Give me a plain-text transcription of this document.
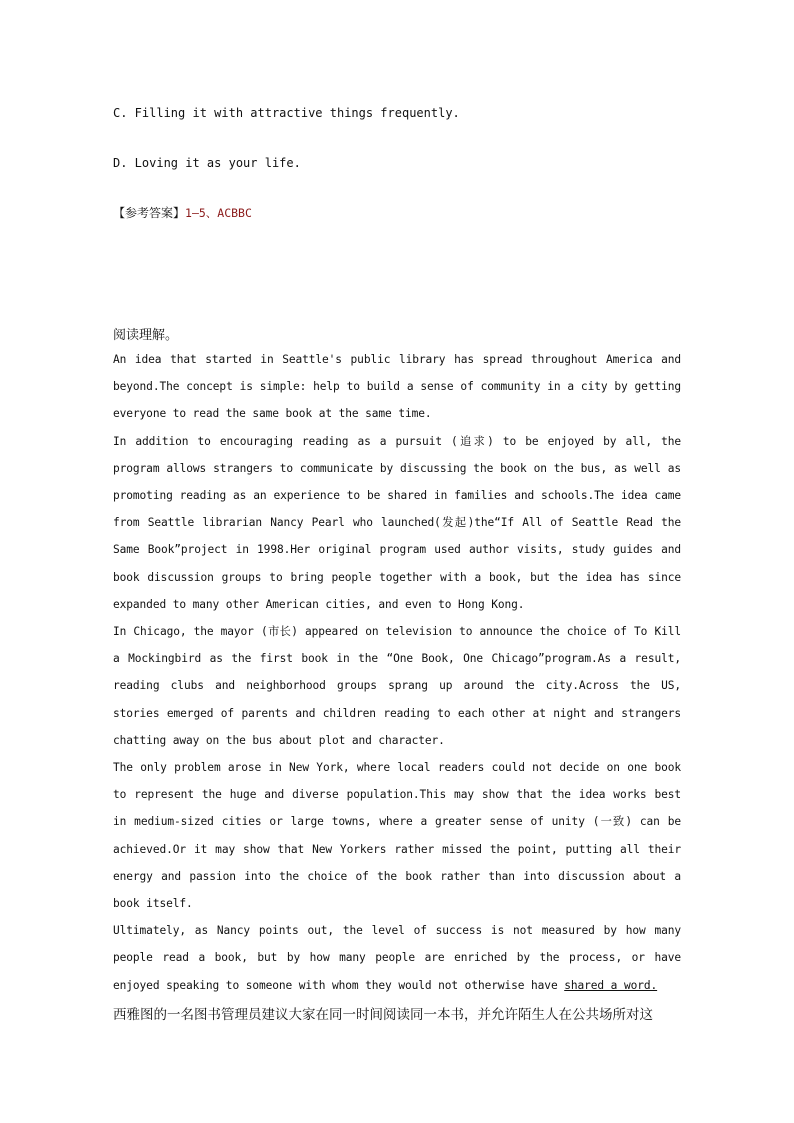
C. Filling it with attractive things frequently.
D. Loving it as your life.
【参考答案】1—5、ACBBC
阅读理解。

An idea that started in Seattle's public library has spread throughout America and beyond.The concept is simple: help to build a sense of community in a city by getting everyone to read the same book at the same time.

In addition to encouraging reading as a pursuit (追求) to be enjoyed by all, the program allows strangers to communicate by discussing the book on the bus, as well as promoting reading as an experience to be shared in families and schools.The idea came from Seattle librarian Nancy Pearl who launched(发起)the“If All of Seattle Read the Same Book”project in 1998.Her original program used author visits, study guides and book discussion groups to bring people together with a book, but the idea has since expanded to many other American cities, and even to Hong Kong.

In Chicago, the mayor (市长) appeared on television to announce the choice of To Kill a Mockingbird as the first book in the “One Book, One Chicago”program.As a result, reading clubs and neighborhood groups sprang up around the city.Across the US, stories emerged of parents and children reading to each other at night and strangers chatting away on the bus about plot and character.

The only problem arose in New York, where local readers could not decide on one book to represent the huge and diverse population.This may show that the idea works best in medium-sized cities or large towns, where a greater sense of unity (一致) can be achieved.Or it may show that New Yorkers rather missed the point, putting all their energy and passion into the choice of the book rather than into discussion about a book itself.

Ultimately, as Nancy points out, the level of success is not measured by how many people read a book, but by how many people are enriched by the process, or have enjoyed speaking to someone with whom they would not otherwise have shared a word.

西雅图的一名图书管理员建议大家在同一时间阅读同一本书，并允许陌生人在公共场所对这
